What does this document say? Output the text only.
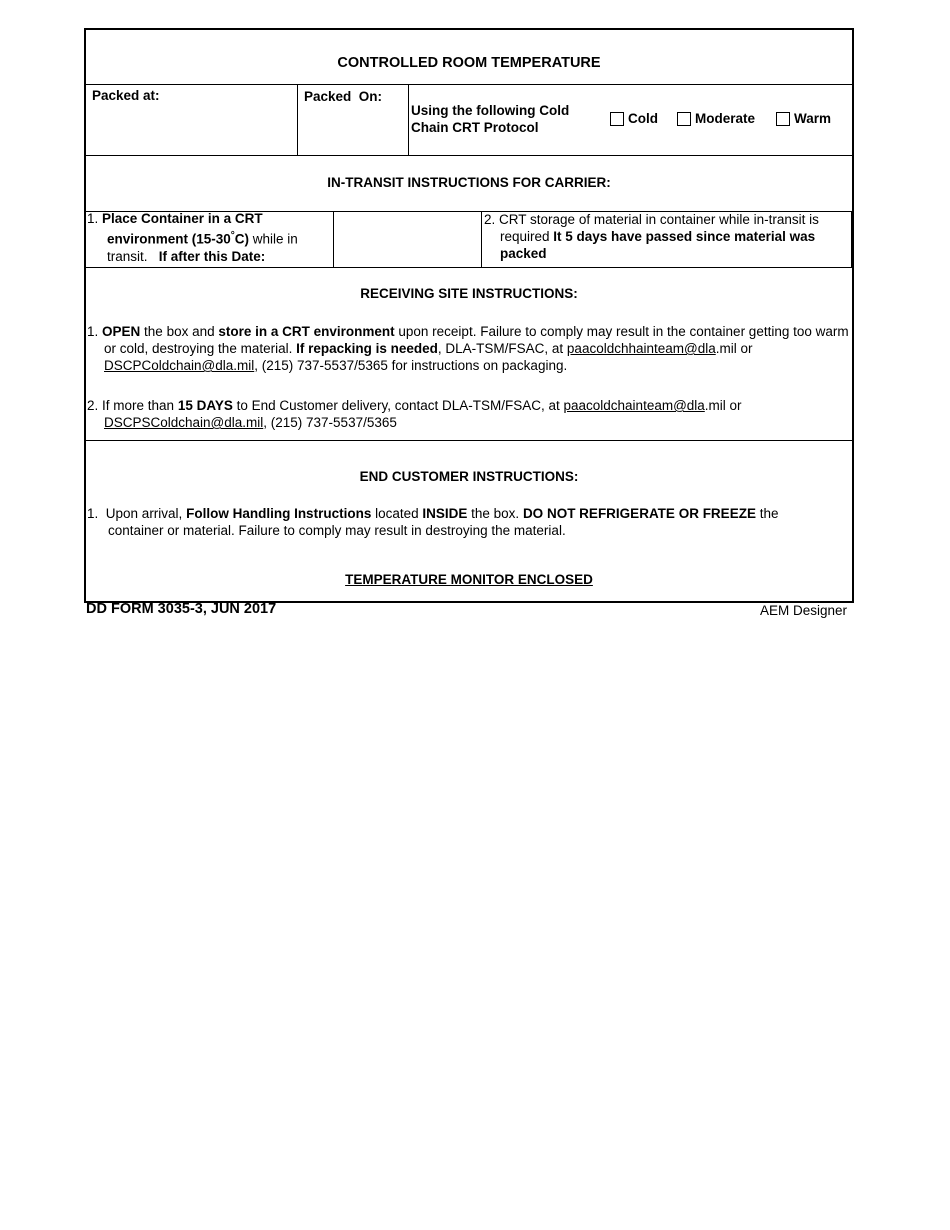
CONTROLLED ROOM TEMPERATURE
Packed at:	Packed  On:
Using the following Cold
Chain CRT Protocol
Cold	Moderate	Warm
IN-TRANSIT INSTRUCTIONS FOR CARRIER:
1. Place Container in a CRT
environment (15-30°C) while in
transit. If after this Date:
2. CRT storage of material in container while in-transit is
required It 5 days have passed since material was
packed
RECEIVING SITE INSTRUCTIONS:
1. OPEN the box and store in a CRT environment upon receipt. Failure to comply may result in the container getting too warm or cold, destroying the material. If repacking is needed, DLA-TSM/FSAC, at paacoldchhainteam@dla.mil or DSCPColdchain@dla.mil, (215) 737-5537/5365 for instructions on packaging.
2. If more than 15 DAYS to End Customer delivery, contact DLA-TSM/FSAC, at paacoldchainteam@dla.mil or
DSCPSColdchain@dla.mil, (215) 737-5537/5365
END CUSTOMER INSTRUCTIONS:
1. Upon arrival, Follow Handling Instructions located INSIDE the box. DO NOT REFRIGERATE OR FREEZE the container or material. Failure to comply may result in destroying the material.
TEMPERATURE MONITOR ENCLOSED
DD FORM 3035-3, JUN 2017	AEM Designer
